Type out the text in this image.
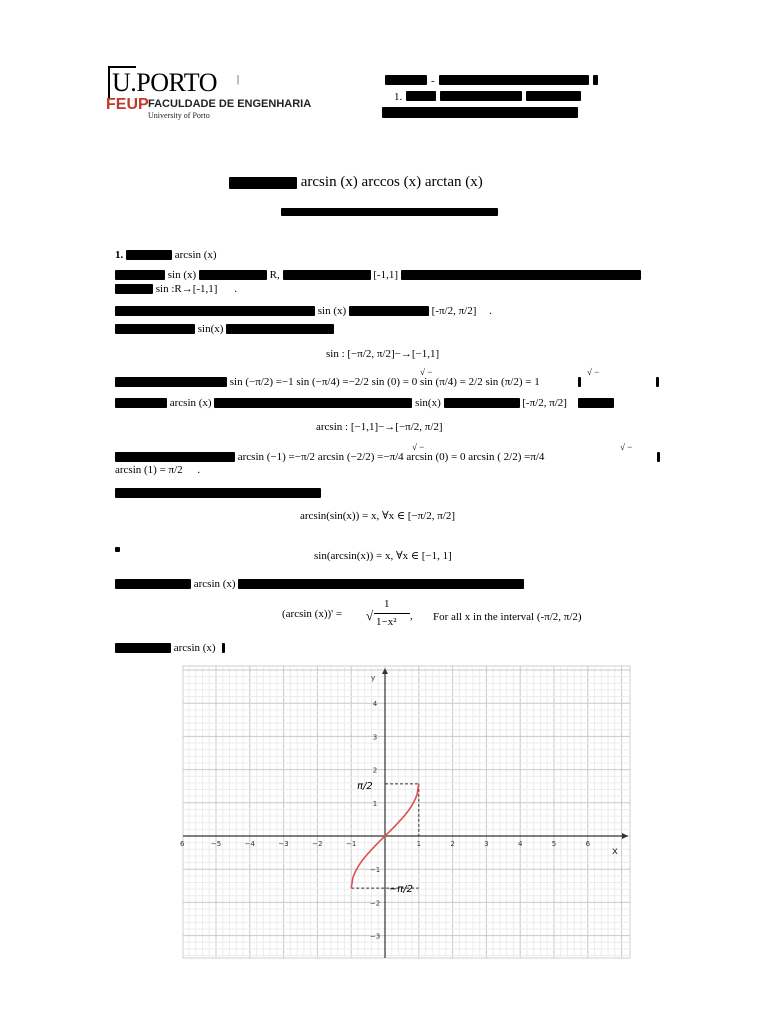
U.PORTO |
FEUP FACULDADE DE ENGENHARIA
University of Porto
-
1.
arcsin (x) arccos (x) arctan (x)
1.	arcsin (x)
sin (x)	R,	[-1,1]
sin :R→[-1,1] .
sin (x)	[-π/2, π/2] .
sin(x)
sin : [−π/2, π/2]−→[−1,1]
√ −	√ −
sin (−π/2) =−1 sin (−π/4) =−2/2 sin (0) = 0 sin (π/4) = 2/2 sin (π/2) = 1
arcsin (x)	sin(x)	[-π/2, π/2]
arcsin : [−1,1]−→[−π/2, π/2]
√ −	√ −
arcsin (−1) =−π/2 arcsin (−2/2) =−π/4 arcsin (0) = 0 arcsin ( 2/2) =π/4
arcsin (1) = π/2 .
arcsin(sin(x)) = x, ∀x ∈ [−π/2, π/2]
sin(arcsin(x)) = x, ∀x ∈ [−1, 1]
arcsin (x)
(arcsin (x))' = √
1
1−x² , For all x in the interval (-π/2, π/2)
arcsin (x)
6	−5	−4	−3	−2	−1	1	2	3	4	5	6
−3
−2
−1
1
2
3
4
x
y
π/2
−π/2
